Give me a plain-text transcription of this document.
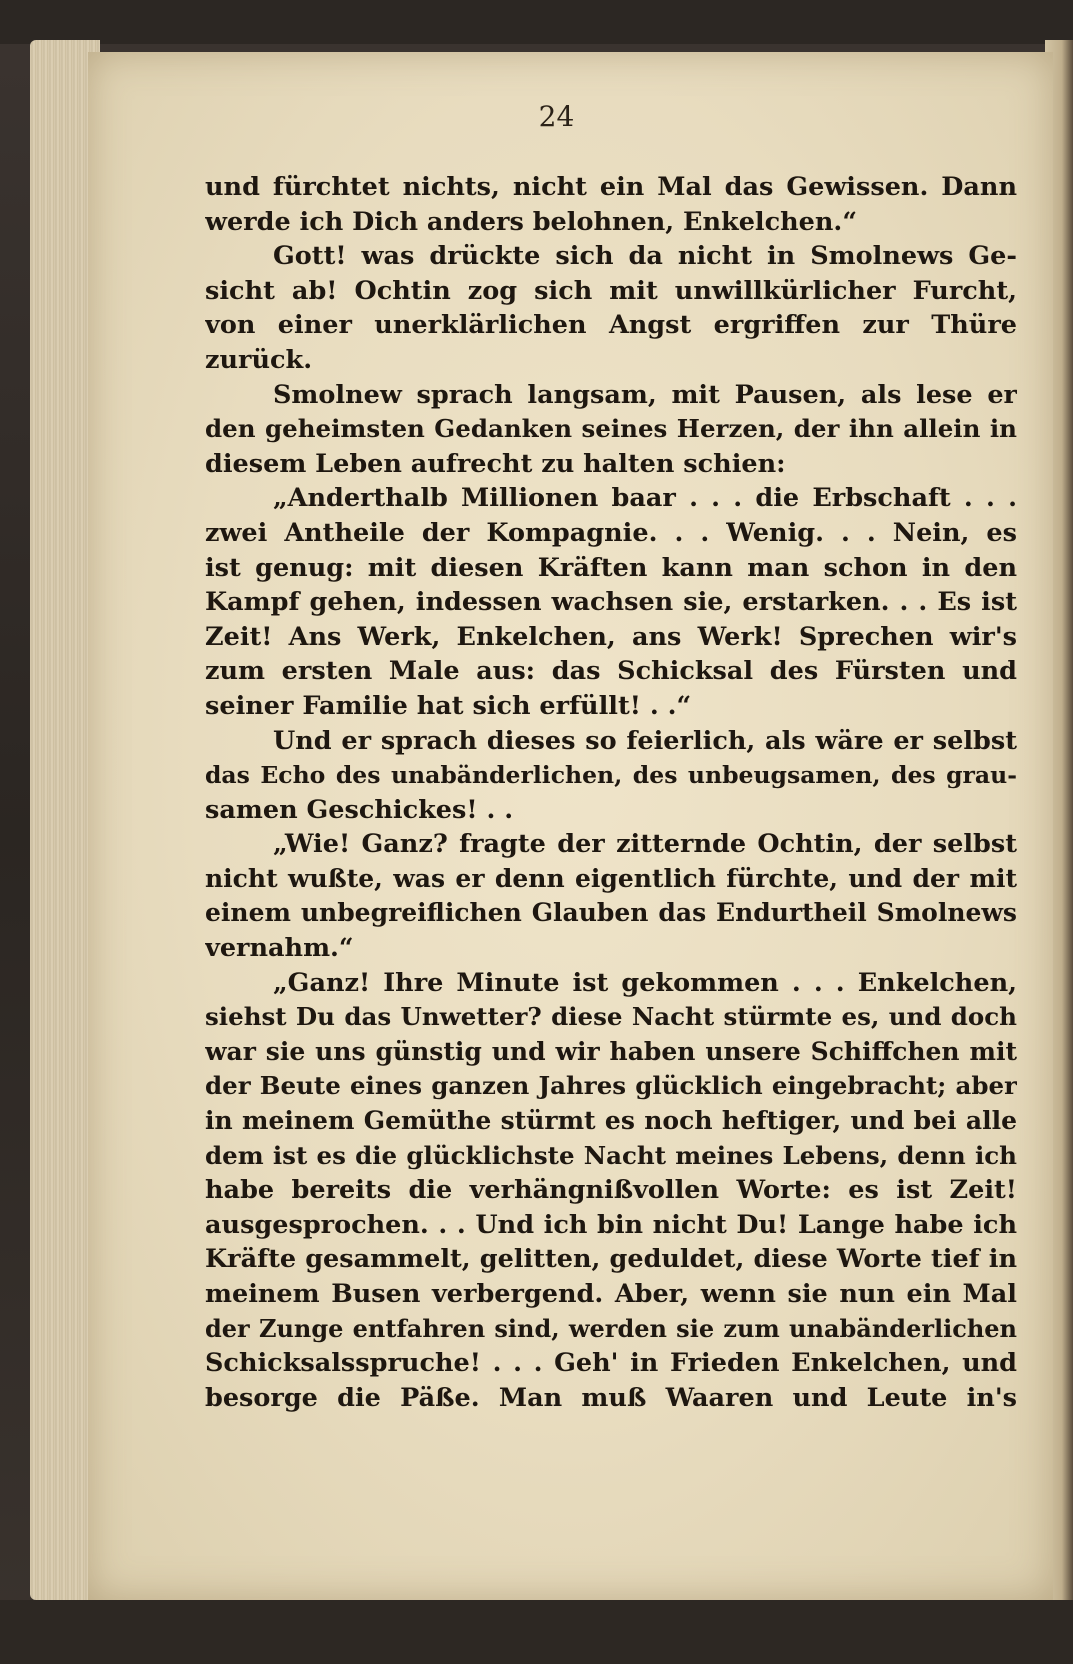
24
und fürchtet nichts, nicht ein Mal das Gewissen. Dann
werde ich Dich anders belohnen, Enkelchen.“
Gott! was drückte sich da nicht in Smolnews Ge-
sicht ab! Ochtin zog sich mit unwillkürlicher Furcht,
von einer unerklärlichen Angst ergriffen zur Thüre
zurück.
Smolnew sprach langsam, mit Pausen, als lese er
den geheimsten Gedanken seines Herzen, der ihn allein in
diesem Leben aufrecht zu halten schien:
„Anderthalb Millionen baar . . . die Erbschaft . . .
zwei Antheile der Kompagnie. . . Wenig. . . Nein, es
ist genug: mit diesen Kräften kann man schon in den
Kampf gehen, indessen wachsen sie, erstarken. . . Es ist
Zeit! Ans Werk, Enkelchen, ans Werk! Sprechen wir's
zum ersten Male aus: das Schicksal des Fürsten und
seiner Familie hat sich erfüllt! . .“
Und er sprach dieses so feierlich, als wäre er selbst
das Echo des unabänderlichen, des unbeugsamen, des grau-
samen Geschickes! . .
„Wie! Ganz? fragte der zitternde Ochtin, der selbst
nicht wußte, was er denn eigentlich fürchte, und der mit
einem unbegreiflichen Glauben das Endurtheil Smolnews
vernahm.“
„Ganz! Ihre Minute ist gekommen . . . Enkelchen,
siehst Du das Unwetter? diese Nacht stürmte es, und doch
war sie uns günstig und wir haben unsere Schiffchen mit
der Beute eines ganzen Jahres glücklich eingebracht; aber
in meinem Gemüthe stürmt es noch heftiger, und bei alle
dem ist es die glücklichste Nacht meines Lebens, denn ich
habe bereits die verhängnißvollen Worte: es ist Zeit!
ausgesprochen. . . Und ich bin nicht Du! Lange habe ich
Kräfte gesammelt, gelitten, geduldet, diese Worte tief in
meinem Busen verbergend. Aber, wenn sie nun ein Mal
der Zunge entfahren sind, werden sie zum unabänderlichen
Schicksalsspruche! . . . Geh' in Frieden Enkelchen, und
besorge die Päße. Man muß Waaren und Leute in's
